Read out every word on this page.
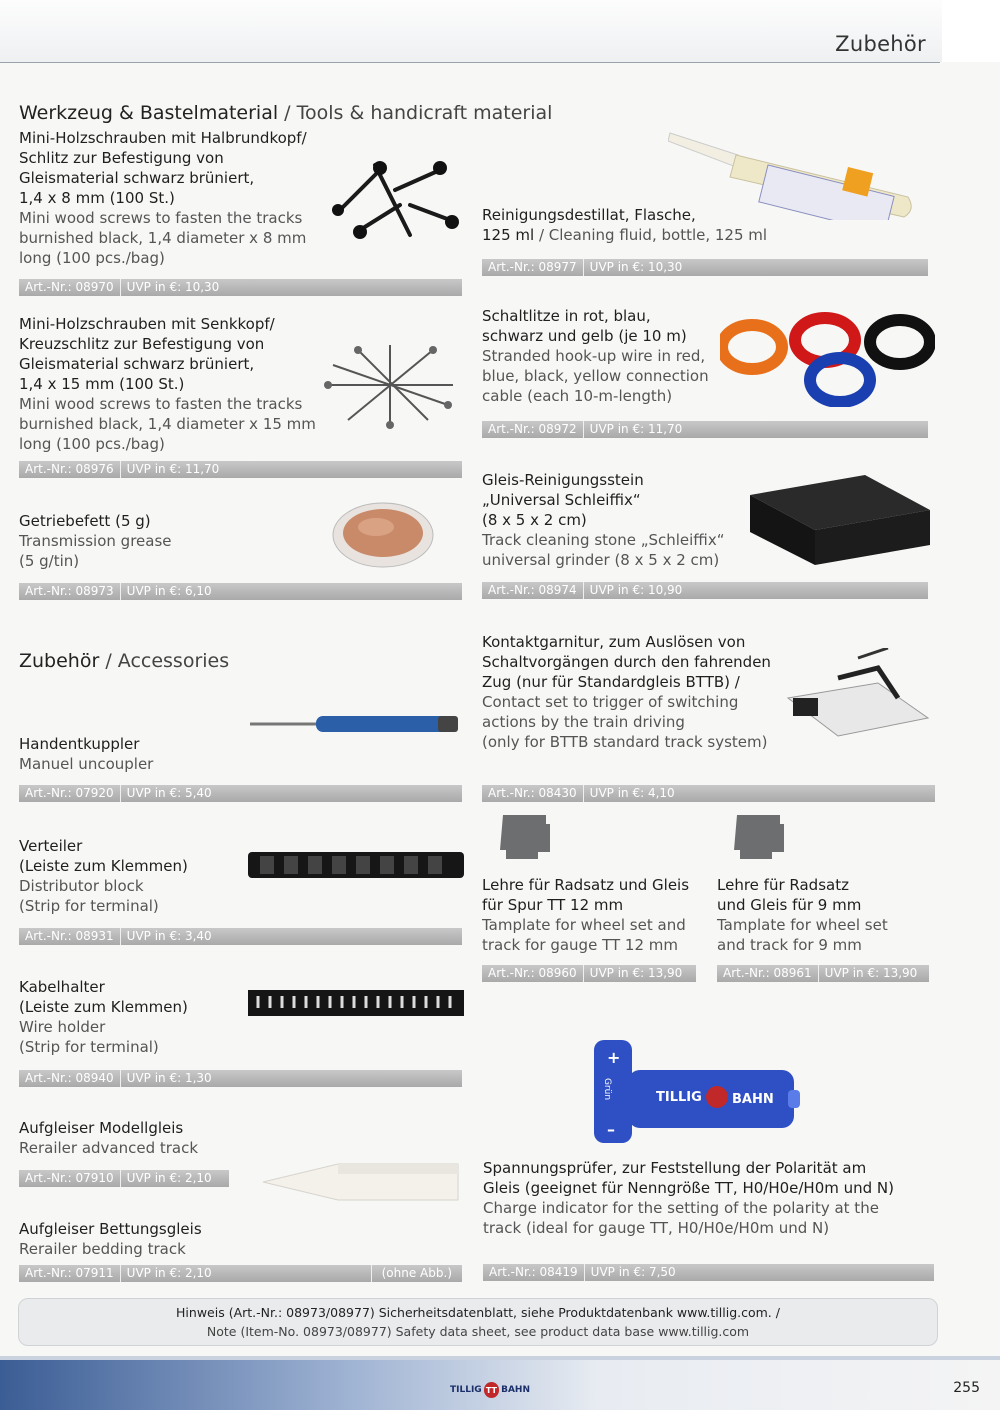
Zubehör
Werkzeug & Bastelmaterial / Tools & handicraft material
Mini-Holzschrauben mit Halbrundkopf/
Schlitz zur Befestigung von
Gleismaterial schwarz brüniert,
1,4 x 8 mm (100 St.)
Mini wood screws to fasten the tracks
burnished black, 1,4 diameter x 8 mm
long (100 pcs./bag)
Art.-Nr.: 08970	UVP in €: 10,30
Mini-Holzschrauben mit Senkkopf/
Kreuzschlitz zur Befestigung von
Gleismaterial schwarz brüniert,
1,4 x 15 mm (100 St.)
Mini wood screws to fasten the tracks
burnished black, 1,4 diameter x 15 mm
long (100 pcs./bag)
Art.-Nr.: 08976	UVP in €: 11,70
Getriebefett (5 g)
Transmission grease
(5 g/tin)
Art.-Nr.: 08973	UVP in €: 6,10
Zubehör / Accessories
Handentkuppler
Manuel uncoupler
Art.-Nr.: 07920	UVP in €: 5,40
Verteiler
(Leiste zum Klemmen)
Distributor block
(Strip for terminal)
Art.-Nr.: 08931	UVP in €: 3,40
Kabelhalter
(Leiste zum Klemmen)
Wire holder
(Strip for terminal)
Art.-Nr.: 08940	UVP in €: 1,30
Aufgleiser Modellgleis
Rerailer advanced track
Art.-Nr.: 07910	UVP in €: 2,10
Aufgleiser Bettungsgleis
Rerailer bedding track
Art.-Nr.: 07911	UVP in €: 2,10	(ohne Abb.)
Reinigungsdestillat, Flasche,
125 ml / Cleaning fluid, bottle, 125 ml
Art.-Nr.: 08977	UVP in €: 10,30
Schaltlitze in rot, blau,
schwarz und gelb (je 10 m)
Stranded hook-up wire in red,
blue, black, yellow connection
cable (each 10-m-length)
Art.-Nr.: 08972	UVP in €: 11,70
Gleis-Reinigungsstein
„Universal Schleiffix“
(8 x 5 x 2 cm)
Track cleaning stone „Schleiffix“
universal grinder (8 x 5 x 2 cm)
Art.-Nr.: 08974	UVP in €: 10,90
Kontaktgarnitur, zum Auslösen von
Schaltvorgängen durch den fahrenden
Zug (nur für Standardgleis BTTB) /
Contact set to trigger of switching
actions by the train driving
(only for BTTB standard track system)
Art.-Nr.: 08430	UVP in €: 4,10
Lehre für Radsatz und Gleis
für Spur TT 12 mm
Tamplate for wheel set and
track for gauge TT 12 mm
Art.-Nr.: 08960	UVP in €: 13,90
Lehre für Radsatz
und Gleis für 9 mm
Tamplate for wheel set
and track for 9 mm
Art.-Nr.: 08961	UVP in €: 13,90
+
–
Grün	TILLIG BAHN
Spannungsprüfer, zur Feststellung der Polarität am
Gleis (geeignet für Nenngröße TT, H0/H0e/H0m und N)
Charge indicator for the setting of the polarity at the
track (ideal for gauge TT, H0/H0e/H0m und N)
Art.-Nr.: 08419	UVP in €: 7,50
Hinweis (Art.-Nr.: 08973/08977) Sicherheitsdatenblatt, siehe Produktdatenbank www.tillig.com. /
Note (Item-No. 08973/08977) Safety data sheet, see product data base www.tillig.com
TILLIG TT BAHN	255
